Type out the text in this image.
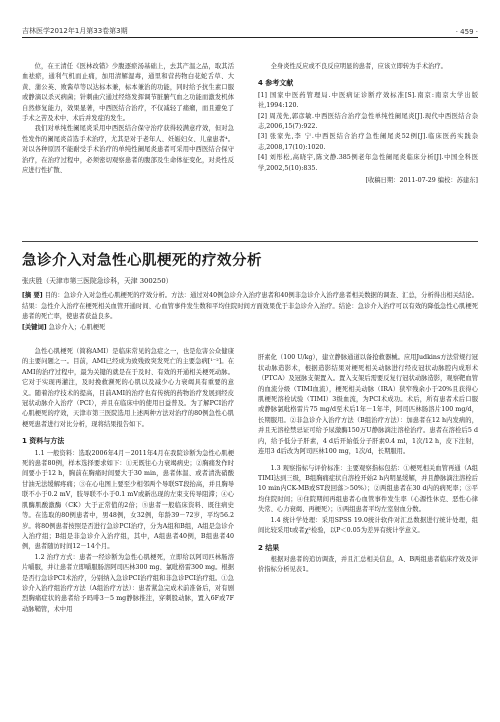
吉林医学2012年1月第33卷第3期	· 459 ·

位，在王清任《医林改错》少腹逐瘀汤基础上，去其产温之品，取其活血祛瘀，通利气机而止痛，加用清解湿毒，通里和营药物白花蛇舌草、大黄、蒲公英、败酱草等以达标本兼，标本兼治的功能，同时给予抗生素口服或静滴以杀灭病菌；针刺曲穴通过经络发挥调节脏腑气血之功能而激发机体自然修复能力，效果显著，中西医结合治疗，不仅减轻了痛瘤，而且避免了手术之苦及术中、术后并发症的发生。

我们对单纯性阑尾炎采用中西医结合保守治疗获得较满意疗效，但对急性发作的阑尾炎首选手术治疗，尤其是对于老年人、妊娠妇女、儿童患者⁴。对以各种原因不能耐受手术治疗的单纯性阑尾炎患者可采用中西医结合保守治疗，在治疗过程中，必须密切观察患者的腹部及生命体征变化，对炎性反应进行性扩散、

全身炎性反应或不良反应明显的患者，应该立即转为手术治疗。

4 参考文献

[1] 国家中医药管理局.中医病证诊断疗效标准[S].南京:南京大学出版社,1994:120.

[2] 周茂先,郭彦敏.中西医结合治疗急性单纯性阑尾炎[J].现代中西医结合杂志,2006,15(7):922.

[3] 张家先,李 宁.中西医结合治疗急性阑尾炎52例[J].临床医药实践杂志,2008,17(10):1020.

[4] 刘彤松,高晓宇,陈文静.385例老年急性阑尾炎临床分析[J].中国全科医学,2002,5(10):835.

[收稿日期：2011-07-29 编校：苏建东]

急诊介入对急性心肌梗死的疗效分析
张庆胜（天津市第三医院急诊科，天津 300250）

[摘 要] 目的：急诊介入对急性心肌梗死的疗效分析。方法：通过对40例急诊介入治疗患者和40例非急诊介入治疗患者相关数据的调查、汇总，分析得出相关结论。结果：急性介入治疗在梗死相关血管开通时间、心血管事件发生数和平均住院时间方面效果优于非急诊介入治疗。结论：急诊介入治疗可以有效的降低急性心肌梗死患者的死亡率，使患者获益良多。

[关键词] 急诊介入；心肌梗死

急性心肌梗死（简称AMI）是临床常见的急症之一，也是危害公众健康的主要问题之一。目前，AMI已经成为致残致突发死亡的主要急病[¹⁻²]。在AMI的治疗过程中，最为关键的就是在于及时、有效的开通相关梗死动脉。它对于实现再灌注，及时挽救濒死的心肌以及减少心力衰竭具有重要的意义。随着治疗技术的提高，目前AMI的治疗也有传统的药物治疗发展到经皮冠状动脉介入治疗（PCI），并且在临床中的使用日益普及。为了解PCI治疗心肌梗死的疗效，天津市第三医院选用上述两种方法对治疗的80例急性心肌梗死患者进行对比分析，现将结果报告如下。

1 资料与方法

1.1 一般资料：选取2006年4月－2011年4月在我院诊断为急性心肌梗死的患者80例，样本选择要求如下：①无既往心力衰竭病史；②胸痛发作时间要小于12 h，胸前在胸痛时间要大于30 min，患者体温、或者清洗硝酸甘油无法缓解疼痛；③在心电图上要至少相邻两个导联ST段抬高，并且胸导联不小于0.2 mV，肢导联不小于0.1 mV或新出现的左束支传导阻滞；④心肌酶肌酸激酶（CK）大于正常值的2倍；⑤患者一般临床资料、既往病史等。在选取的80例患者中，男48例，女32例，年龄39－72岁，平均56.2岁。将80例患者按照是否进行急诊PCI治疗，分为A组和B组，A组是急诊介入治疗组；B组是非急诊介入治疗组，其中，A组患者40例，B组患者40例，患者随访时间12－14个月。

1.2 治疗方式：患者一经诊断为急性心肌梗死，立即给以阿司匹林肠溶片嚼服，并让患者立即嚼服肠溶阿司匹林300 mg、氯吡格雷300 mg。根据是否行急诊PCI术治疗，分别纳入急诊PCI治疗组和非急诊PCI治疗组。①急诊介入治疗组治疗方法（A组治疗方法）：患者紧急完成术前准备后，对有剧烈胸痛症状的患者给予吗啡3－5 mg静脉推注，穿刺股动脉，置入6F或7F动脉鞘管，术中用

肝素化（100 U/kg），建立静脉通道以备抢救器械。应用Judkins方法常规行冠状动脉造影术，根据造影结果对梗死相关动脉进行经皮冠状动脉腔内成形术（PTCA）及冠脉支架置入。置入支架后需要反复行冠状动脉造影，观察靶血管的血流分级（TIMI血流），梗死相关动脉（IRA）狭窄残余小于20%且获得心肌梗死溶栓试验（TIMI）3级血流，为PCI术成功。术后，所有患者术后口服或静脉氯吡格雷片75 mg/d至术后1年－1年半，阿司匹林肠溶片100 mg/d，长期服用。②非急诊介入治疗方法（B组治疗方法）：加患者在12 h内发病的，并且无溶栓禁忌证可给予尿激酶150万U静脉滴注溶栓治疗。患者在溶栓后5 d内，给予低分子肝素，4 d后开始低分子肝素0.4 ml，1次/12 h，皮下注射，连用3 d后改为阿司匹林100 mg，1次/d，长期服用。

1.3 观察指标与评价标准：主要观察指标包括：①梗死相关血管再通（A组TIMI达到三级，B组胸痛症状自溶栓开始2 h内明显缓解，并且静脉滴注溶栓后10 min内CK-MB或ST段回落＞50%）；②两组患者在30 d内的病死率；③平均住院时间；④住院期间再组患者心血管事件发生率（心源性休克、恶性心律失常、心力衰竭、再梗死）；⑤两组患者平均左室射血分数。

1.4 统计学处理：采用SPSS 19.0统计软件对汇总数据进行统计处理，组间比较采用t或者χ²检验，以P＜0.05为差异有统计学意义。

2 结果

根据对患者的追访调查，并且汇总相关信息，A、B两组患者临床疗效及评价指标分析见表1。
